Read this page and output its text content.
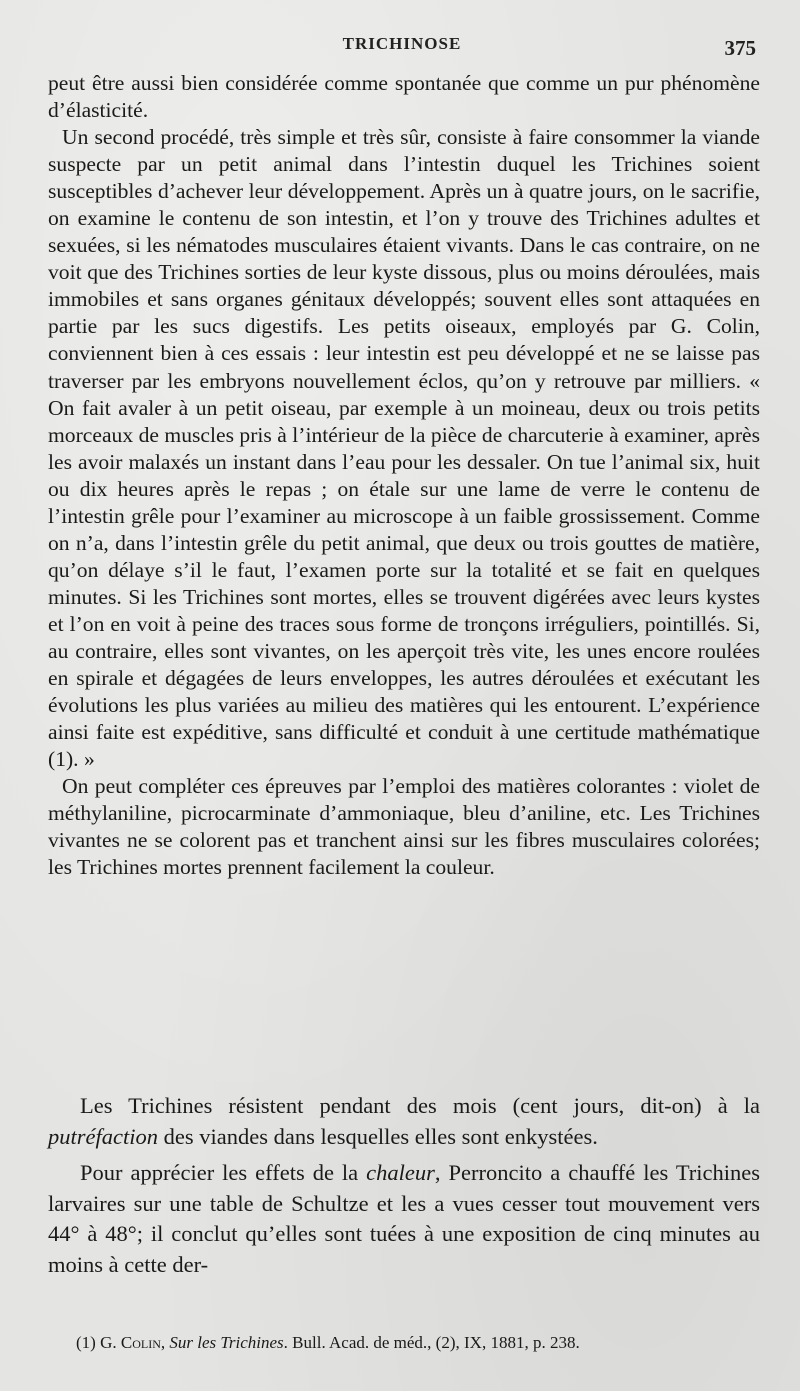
TRICHINOSE	375

peut être aussi bien considérée comme spontanée que comme un pur phénomène d’élasticité.

Un second procédé, très simple et très sûr, consiste à faire consommer la viande suspecte par un petit animal dans l’intestin duquel les Trichines soient susceptibles d’achever leur développement. Après un à quatre jours, on le sacrifie, on examine le contenu de son intestin, et l’on y trouve des Trichines adultes et sexuées, si les nématodes musculaires étaient vivants. Dans le cas contraire, on ne voit que des Trichines sorties de leur kyste dissous, plus ou moins déroulées, mais immobiles et sans organes génitaux développés; souvent elles sont attaquées en partie par les sucs digestifs. Les petits oiseaux, employés par G. Colin, conviennent bien à ces essais : leur intestin est peu développé et ne se laisse pas traverser par les embryons nouvellement éclos, qu’on y retrouve par milliers. « On fait avaler à un petit oiseau, par exemple à un moineau, deux ou trois petits morceaux de muscles pris à l’intérieur de la pièce de charcuterie à examiner, après les avoir malaxés un instant dans l’eau pour les dessaler. On tue l’animal six, huit ou dix heures après le repas ; on étale sur une lame de verre le contenu de l’intestin grêle pour l’examiner au microscope à un faible grossissement. Comme on n’a, dans l’intestin grêle du petit animal, que deux ou trois gouttes de matière, qu’on délaye s’il le faut, l’examen porte sur la totalité et se fait en quelques minutes. Si les Trichines sont mortes, elles se trouvent digérées avec leurs kystes et l’on en voit à peine des traces sous forme de tronçons irréguliers, pointillés. Si, au contraire, elles sont vivantes, on les aperçoit très vite, les unes encore roulées en spirale et dégagées de leurs enveloppes, les autres déroulées et exécutant les évolutions les plus variées au milieu des matières qui les entourent. L’expérience ainsi faite est expéditive, sans difficulté et conduit à une certitude mathématique (1). »

On peut compléter ces épreuves par l’emploi des matières colorantes : violet de méthylaniline, picrocarminate d’ammoniaque, bleu d’aniline, etc. Les Trichines vivantes ne se colorent pas et tranchent ainsi sur les fibres musculaires colorées; les Trichines mortes prennent facilement la couleur.

Les Trichines résistent pendant des mois (cent jours, dit-on) à la putréfaction des viandes dans lesquelles elles sont enkystées.

Pour apprécier les effets de la chaleur, Perroncito a chauffé les Trichines larvaires sur une table de Schultze et les a vues cesser tout mouvement vers 44° à 48°; il conclut qu’elles sont tuées à une exposition de cinq minutes au moins à cette der-

(1) G. Colin, Sur les Trichines. Bull. Acad. de méd., (2), IX, 1881, p. 238.
